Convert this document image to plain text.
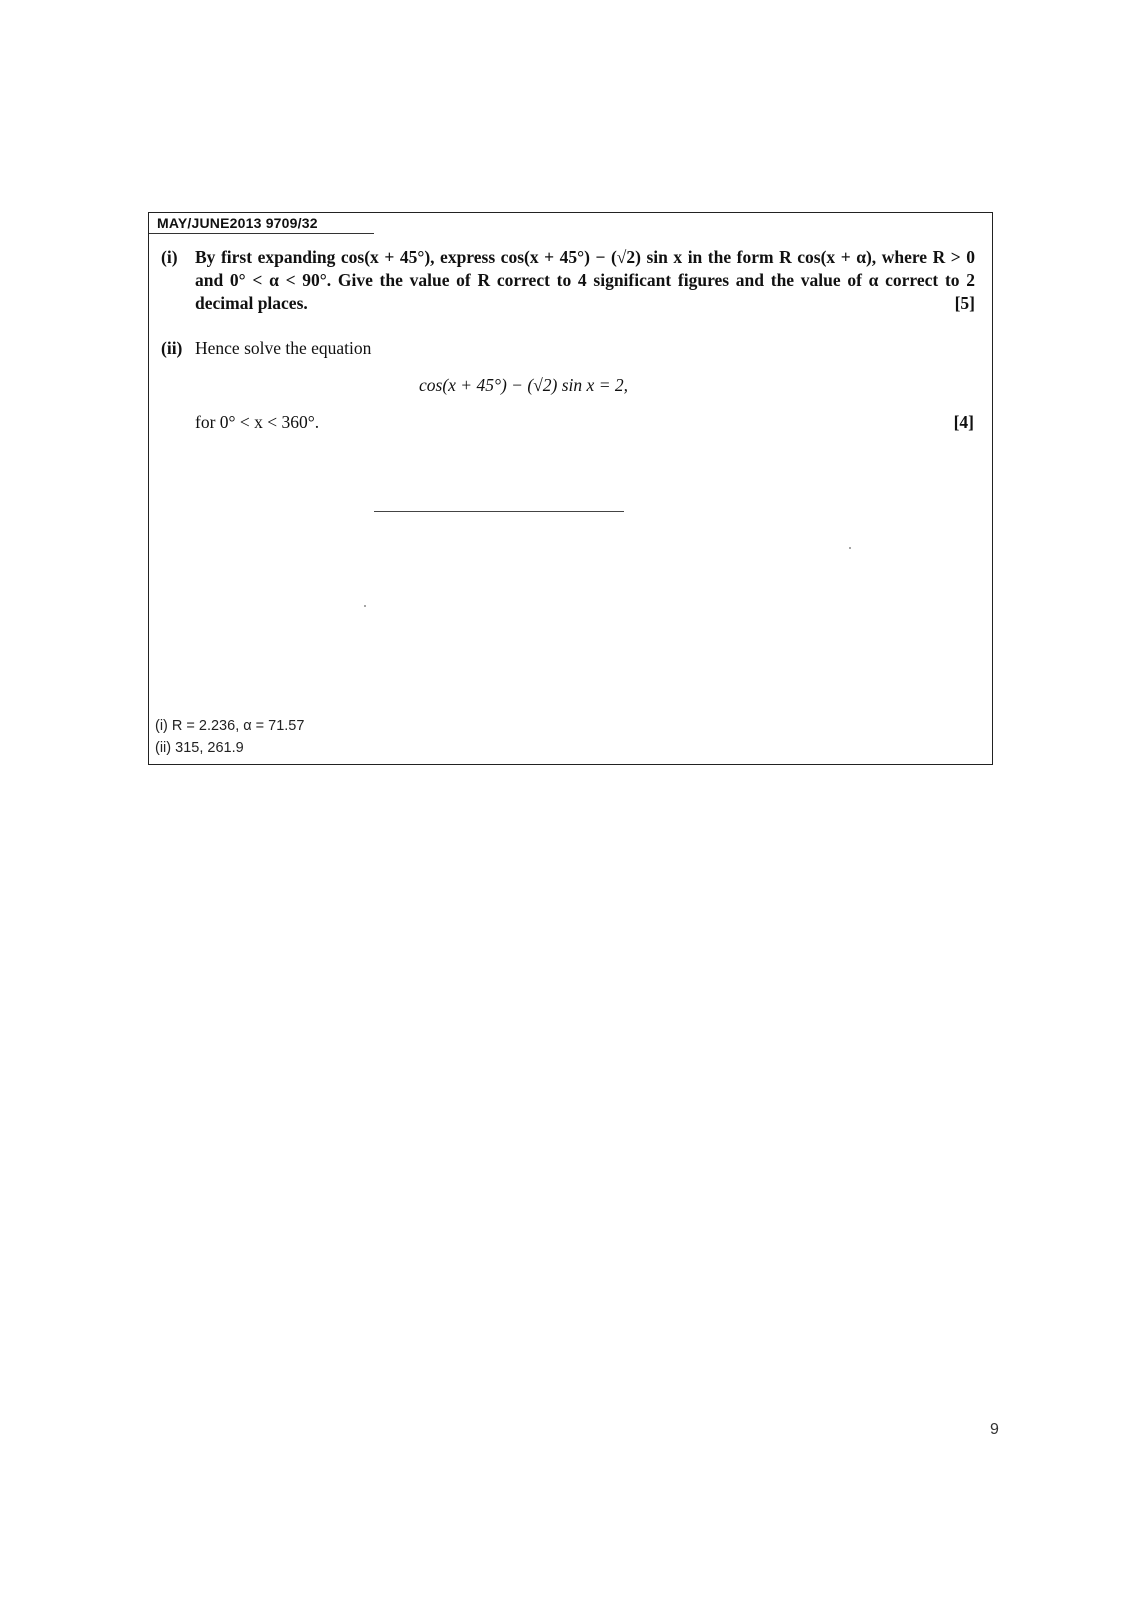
MAY/JUNE2013 9709/32
(i) By first expanding cos(x + 45°), express cos(x + 45°) − (√2) sin x in the form R cos(x + α), where R > 0 and 0° < α < 90°. Give the value of R correct to 4 significant figures and the value of α correct to 2 decimal places.	[5]
(ii) Hence solve the equation
cos(x + 45°) − (√2) sin x = 2,
for 0° < x < 360°.	[4]
(i) R = 2.236, α = 71.57
(ii) 315, 261.9
9
